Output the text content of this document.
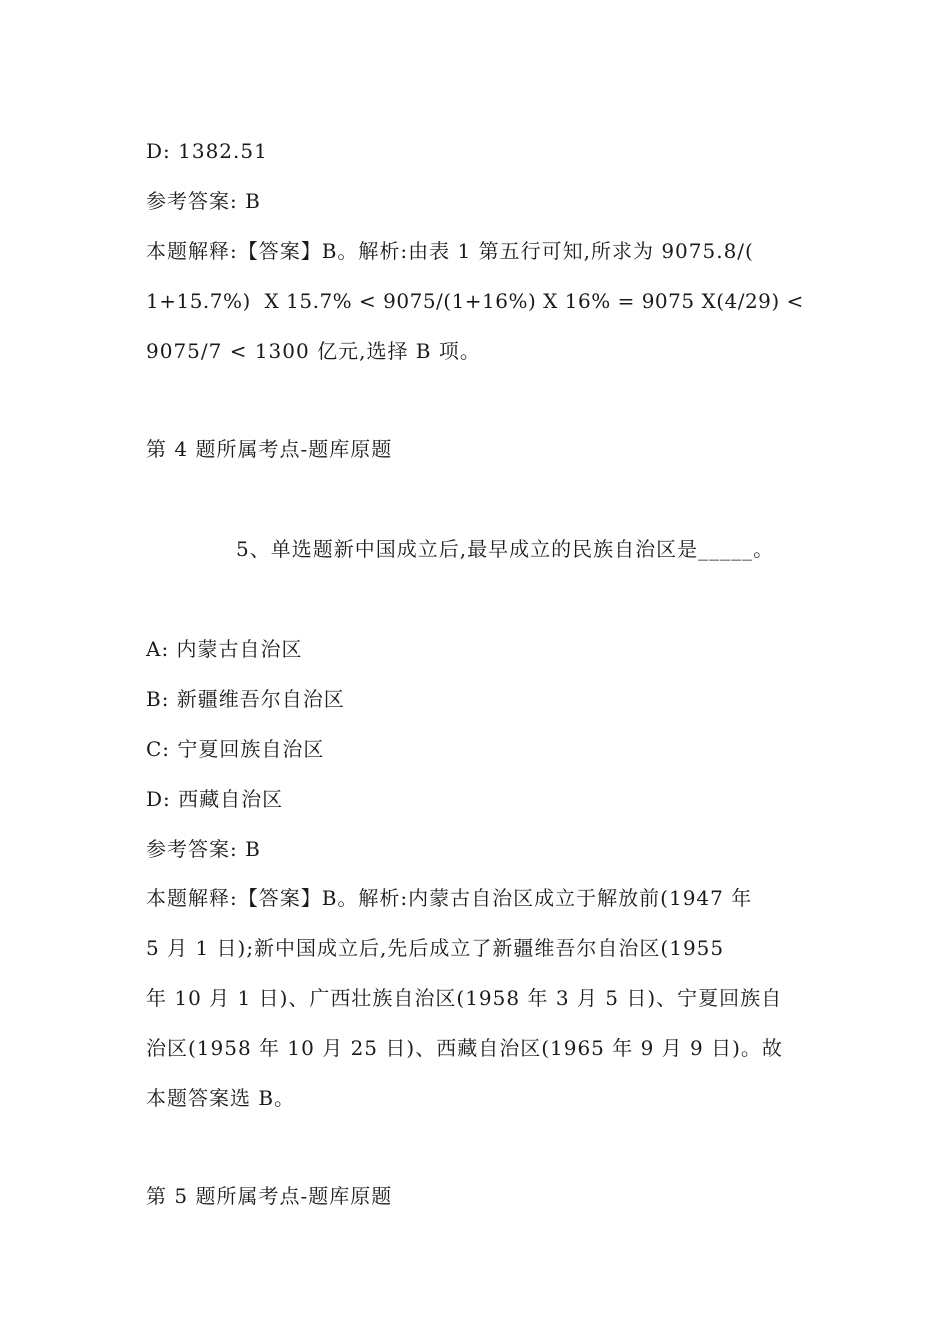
D: 1382.51
参考答案: B
本题解释:【答案】B。解析:由表 1 第五行可知,所求为 9075.8/(
1+15.7%)  X 15.7% < 9075/(1+16%) X 16% = 9075 X(4/29) <
9075/7 < 1300 亿元,选择 B 项。
第 4 题所属考点-题库原题
5、单选题新中国成立后,最早成立的民族自治区是_____。
A: 内蒙古自治区
B: 新疆维吾尔自治区
C: 宁夏回族自治区
D: 西藏自治区
参考答案: B
本题解释:【答案】B。解析:内蒙古自治区成立于解放前(1947 年
5 月 1 日);新中国成立后,先后成立了新疆维吾尔自治区(1955
年 10 月 1 日)、广西壮族自治区(1958 年 3 月 5 日)、宁夏回族自
治区(1958 年 10 月 25 日)、西藏自治区(1965 年 9 月 9 日)。故
本题答案选 B。
第 5 题所属考点-题库原题
